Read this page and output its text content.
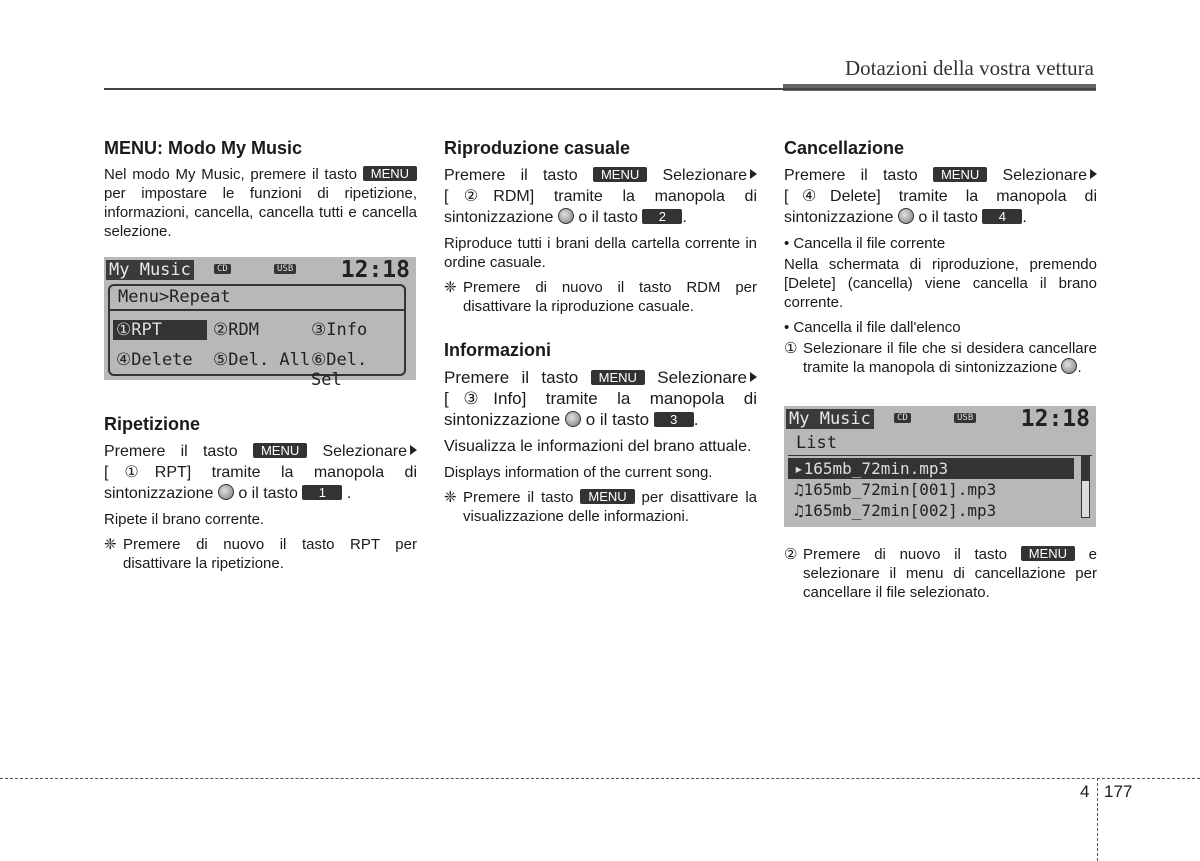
Dotazioni della vostra vettura
MENU: Modo My Music

Nel modo My Music, premere il tasto MENU per impostare le funzioni di ripetizione, informazioni, cancella, cancella tutti e cancella selezione.

My Music	CD	USB 12:18
Menu>Repeat
①RPT	②RDM	③Info
④Delete ⑤Del. All ⑥Del. Sel
Ripetizione

Premere il tasto MENU Selezionare [①RPT] tramite la manopola di sintonizzazione o il tasto 1 .

Ripete il brano corrente.

❈ Premere di nuovo il tasto RPT per disattivare la ripetizione.

Riproduzione casuale

Premere il tasto MENU Selezionare [②RDM] tramite la manopola di sintonizzazione o il tasto 2 .

Riproduce tutti i brani della cartella corrente in ordine casuale.

❈ Premere di nuovo il tasto RDM per disattivare la riproduzione casuale.

Informazioni

Premere il tasto MENU Selezionare [③Info] tramite la manopola di sintonizzazione o il tasto 3 .

Visualizza le informazioni del brano attuale.

Displays information of the current song.

❈ Premere il tasto MENU per disattivare la visualizzazione delle informazioni.

Cancellazione

Premere il tasto MENU Selezionare [④Delete] tramite la manopola di sintonizzazione o il tasto 4 .

• Cancella il file corrente

Nella schermata di riproduzione, premendo [Delete] (cancella) viene cancella il brano corrente.

• Cancella il file dall'elenco

① Selezionare il file che si desidera cancellare tramite la manopola di sintonizzazione .

My Music	CD	USB 12:18
List
▸165mb_72min.mp3
♫165mb_72min[001].mp3
♫165mb_72min[002].mp3

② Premere di nuovo il tasto MENU e selezionare il menu di cancellazione per cancellare il file selezionato.

4 177
